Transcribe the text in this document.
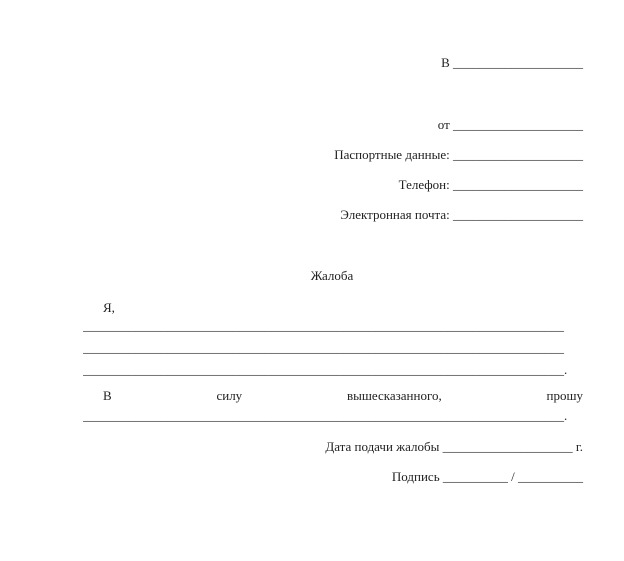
В ____________________
от ____________________
Паспортные данные: ____________________
Телефон: ____________________
Электронная почта: ____________________
Жалоба
Я,
__________________________________________________________________________
__________________________________________________________________________
__________________________________________________________________________.
В	силу	вышесказанного,	прошу
__________________________________________________________________________.
Дата подачи жалобы ____________________ г.
Подпись __________ / __________
